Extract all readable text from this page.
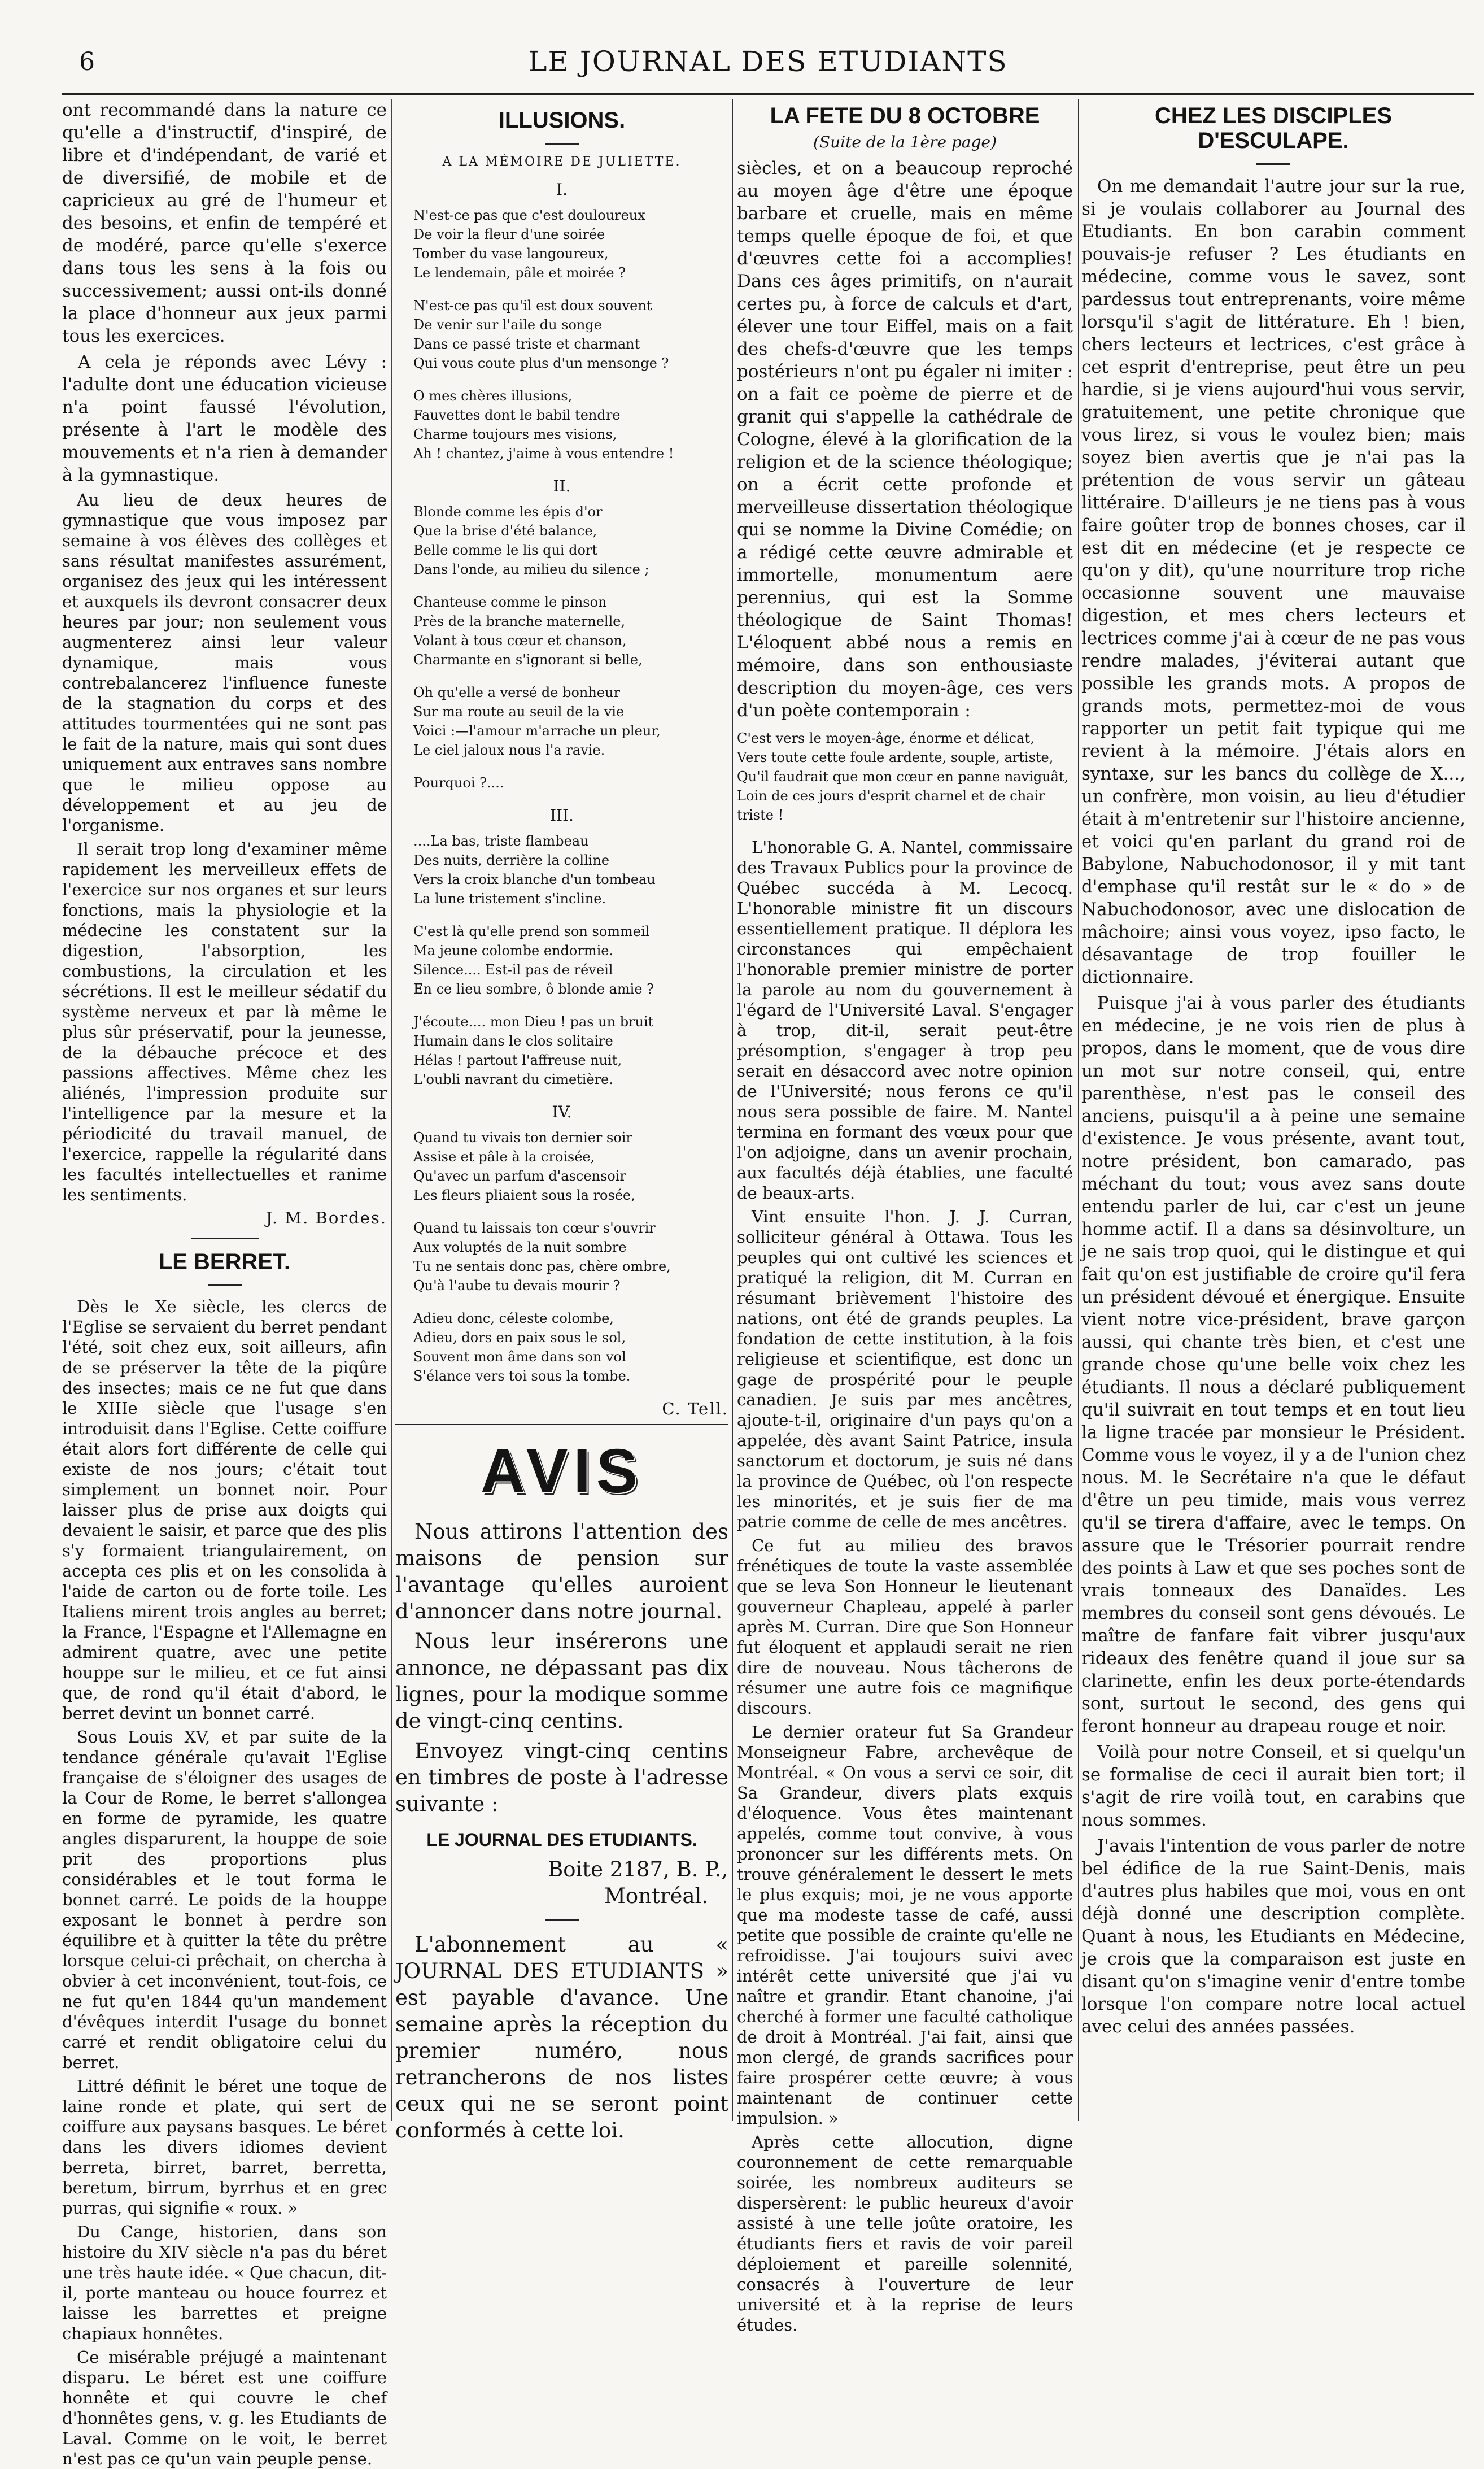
6	LE JOURNAL DES ETUDIANTS

ont recommandé dans la nature ce qu'elle a d'instructif, d'inspiré, de libre et d'indépendant, de varié et de diversifié, de mobile et de capricieux au gré de l'humeur et des besoins, et enfin de tempéré et de modéré, parce qu'elle s'exerce dans tous les sens à la fois ou successivement; aussi ont-ils donné la place d'honneur aux jeux parmi tous les exercices.

A cela je réponds avec Lévy : l'adulte dont une éducation vicieuse n'a point faussé l'évolution, présente à l'art le modèle des mouvements et n'a rien à demander à la gymnastique.

Au lieu de deux heures de gymnastique que vous imposez par semaine à vos élèves des collèges et sans résultat manifestes assurément, organisez des jeux qui les intéressent et auxquels ils devront consacrer deux heures par jour; non seulement vous augmenterez ainsi leur valeur dynamique, mais vous contrebalancerez l'influence funeste de la stagnation du corps et des attitudes tourmentées qui ne sont pas le fait de la nature, mais qui sont dues uniquement aux entraves sans nombre que le milieu oppose au développement et au jeu de l'organisme.

Il serait trop long d'examiner même rapidement les merveilleux effets de l'exercice sur nos organes et sur leurs fonctions, mais la physiologie et la médecine les constatent sur la digestion, l'absorption, les combustions, la circulation et les sécrétions. Il est le meilleur sédatif du système nerveux et par là même le plus sûr préservatif, pour la jeunesse, de la débauche précoce et des passions affectives. Même chez les aliénés, l'impression produite sur l'intelligence par la mesure et la périodicité du travail manuel, de l'exercice, rappelle la régularité dans les facultés intellectuelles et ranime les sentiments.

J. M. Bordes.
LE BERRET.

Dès le Xe siècle, les clercs de l'Eglise se servaient du berret pendant l'été, soit chez eux, soit ailleurs, afin de se préserver la tête de la piqûre des insectes; mais ce ne fut que dans le XIIIe siècle que l'usage s'en introduisit dans l'Eglise. Cette coiffure était alors fort différente de celle qui existe de nos jours; c'était tout simplement un bonnet noir. Pour laisser plus de prise aux doigts qui devaient le saisir, et parce que des plis s'y formaient triangulairement, on accepta ces plis et on les consolida à l'aide de carton ou de forte toile. Les Italiens mirent trois angles au berret; la France, l'Espagne et l'Allemagne en admirent quatre, avec une petite houppe sur le milieu, et ce fut ainsi que, de rond qu'il était d'abord, le berret devint un bonnet carré.

Sous Louis XV, et par suite de la tendance générale qu'avait l'Eglise française de s'éloigner des usages de la Cour de Rome, le berret s'allongea en forme de pyramide, les quatre angles disparurent, la houppe de soie prit des proportions plus considérables et le tout forma le bonnet carré. Le poids de la houppe exposant le bonnet à perdre son équilibre et à quitter la tête du prêtre lorsque celui-ci prêchait, on chercha à obvier à cet inconvénient, tout-fois, ce ne fut qu'en 1844 qu'un mandement d'évêques interdit l'usage du bonnet carré et rendit obligatoire celui du berret.

Littré définit le béret une toque de laine ronde et plate, qui sert de coiffure aux paysans basques. Le béret dans les divers idiomes devient berreta, birret, barret, berretta, beretum, birrum, byrrhus et en grec purras, qui signifie « roux. »

Du Cange, historien, dans son histoire du XIV siècle n'a pas du béret une très haute idée. « Que chacun, dit-il, porte manteau ou houce fourrez et laisse les barrettes et preigne chapiaux honnêtes.

Ce misérable préjugé a maintenant disparu. Le béret est une coiffure honnête et qui couvre le chef d'honnêtes gens, v. g. les Etudiants de Laval. Comme on le voit, le berret n'est pas ce qu'un vain peuple pense.

ILLUSIONS.
A LA MÉMOIRE DE JULIETTE.
I.
N'est-ce pas que c'est douloureux
De voir la fleur d'une soirée
Tomber du vase langoureux,
Le lendemain, pâle et moirée ?
N'est-ce pas qu'il est doux souvent
De venir sur l'aile du songe
Dans ce passé triste et charmant
Qui vous coute plus d'un mensonge ?
O mes chères illusions,
Fauvettes dont le babil tendre
Charme toujours mes visions,
Ah ! chantez, j'aime à vous entendre !
II.
Blonde comme les épis d'or
Que la brise d'été balance,
Belle comme le lis qui dort
Dans l'onde, au milieu du silence ;
Chanteuse comme le pinson
Près de la branche maternelle,
Volant à tous cœur et chanson,
Charmante en s'ignorant si belle,
Oh qu'elle a versé de bonheur
Sur ma route au seuil de la vie
Voici :—l'amour m'arrache un pleur,
Le ciel jaloux nous l'a ravie.
Pourquoi ?....
III.
....La bas, triste flambeau
Des nuits, derrière la colline
Vers la croix blanche d'un tombeau
La lune tristement s'incline.
C'est là qu'elle prend son sommeil
Ma jeune colombe endormie.
Silence.... Est-il pas de réveil
En ce lieu sombre, ô blonde amie ?
J'écoute.... mon Dieu ! pas un bruit
Humain dans le clos solitaire
Hélas ! partout l'affreuse nuit,
L'oubli navrant du cimetière.
IV.
Quand tu vivais ton dernier soir
Assise et pâle à la croisée,
Qu'avec un parfum d'ascensoir
Les fleurs pliaient sous la rosée,
Quand tu laissais ton cœur s'ouvrir
Aux voluptés de la nuit sombre
Tu ne sentais donc pas, chère ombre,
Qu'à l'aube tu devais mourir ?
Adieu donc, céleste colombe,
Adieu, dors en paix sous le sol,
Souvent mon âme dans son vol
S'élance vers toi sous la tombe.
C. Tell.
AVIS

Nous attirons l'attention des maisons de pension sur l'avantage qu'elles auroient d'annoncer dans notre journal.

Nous leur insérerons une annonce, ne dépassant pas dix lignes, pour la modique somme de vingt-cinq centins.

Envoyez vingt-cinq centins en timbres de poste à l'adresse suivante :

LE JOURNAL DES ETUDIANTS.
Boite 2187, B. P.,
Montréal.

L'abonnement au « JOURNAL DES ETUDIANTS » est payable d'avance. Une semaine après la réception du premier numéro, nous retrancherons de nos listes ceux qui ne se seront point conformés à cette loi.

LA FETE DU 8 OCTOBRE
(Suite de la 1ère page)

siècles, et on a beaucoup reproché au moyen âge d'être une époque barbare et cruelle, mais en même temps quelle époque de foi, et que d'œuvres cette foi a accomplies! Dans ces âges primitifs, on n'aurait certes pu, à force de calculs et d'art, élever une tour Eiffel, mais on a fait des chefs-d'œuvre que les temps postérieurs n'ont pu égaler ni imiter : on a fait ce poème de pierre et de granit qui s'appelle la cathédrale de Cologne, élevé à la glorification de la religion et de la science théologique; on a écrit cette profonde et merveilleuse dissertation théologique qui se nomme la Divine Comédie; on a rédigé cette œuvre admirable et immortelle, monumentum aere perennius, qui est la Somme théologique de Saint Thomas! L'éloquent abbé nous a remis en mémoire, dans son enthousiaste description du moyen-âge, ces vers d'un poète contemporain :

C'est vers le moyen-âge, énorme et délicat,
Vers toute cette foule ardente, souple, artiste,
Qu'il faudrait que mon cœur en panne naviguât,
Loin de ces jours d'esprit charnel et de chair triste !

L'honorable G. A. Nantel, commissaire des Travaux Publics pour la province de Québec succéda à M. Lecocq. L'honorable ministre fit un discours essentiellement pratique. Il déplora les circonstances qui empêchaient l'honorable premier ministre de porter la parole au nom du gouvernement à l'égard de l'Université Laval. S'engager à trop, dit-il, serait peut-être présomption, s'engager à trop peu serait en désaccord avec notre opinion de l'Université; nous ferons ce qu'il nous sera possible de faire. M. Nantel termina en formant des vœux pour que l'on adjoigne, dans un avenir prochain, aux facultés déjà établies, une faculté de beaux-arts.

Vint ensuite l'hon. J. J. Curran, solliciteur général à Ottawa. Tous les peuples qui ont cultivé les sciences et pratiqué la religion, dit M. Curran en résumant brièvement l'histoire des nations, ont été de grands peuples. La fondation de cette institution, à la fois religieuse et scientifique, est donc un gage de prospérité pour le peuple canadien. Je suis par mes ancêtres, ajoute-t-il, originaire d'un pays qu'on a appelée, dès avant Saint Patrice, insula sanctorum et doctorum, je suis né dans la province de Québec, où l'on respecte les minorités, et je suis fier de ma patrie comme de celle de mes ancêtres.

Ce fut au milieu des bravos frénétiques de toute la vaste assemblée que se leva Son Honneur le lieutenant gouverneur Chapleau, appelé à parler après M. Curran. Dire que Son Honneur fut éloquent et applaudi serait ne rien dire de nouveau. Nous tâcherons de résumer une autre fois ce magnifique discours.

Le dernier orateur fut Sa Grandeur Monseigneur Fabre, archevêque de Montréal. « On vous a servi ce soir, dit Sa Grandeur, divers plats exquis d'éloquence. Vous êtes maintenant appelés, comme tout convive, à vous prononcer sur les différents mets. On trouve généralement le dessert le mets le plus exquis; moi, je ne vous apporte que ma modeste tasse de café, aussi petite que possible de crainte qu'elle ne refroidisse. J'ai toujours suivi avec intérêt cette université que j'ai vu naître et grandir. Etant chanoine, j'ai cherché à former une faculté catholique de droit à Montréal. J'ai fait, ainsi que mon clergé, de grands sacrifices pour faire prospérer cette œuvre; à vous maintenant de continuer cette impulsion. »

Après cette allocution, digne couronnement de cette remarquable soirée, les nombreux auditeurs se dispersèrent: le public heureux d'avoir assisté à une telle joûte oratoire, les étudiants fiers et ravis de voir pareil déploiement et pareille solennité, consacrés à l'ouverture de leur université et à la reprise de leurs études.

CHEZ LES DISCIPLES D'ESCULAPE.

On me demandait l'autre jour sur la rue, si je voulais collaborer au Journal des Etudiants. En bon carabin comment pouvais-je refuser ? Les étudiants en médecine, comme vous le savez, sont pardessus tout entreprenants, voire même lorsqu'il s'agit de littérature. Eh ! bien, chers lecteurs et lectrices, c'est grâce à cet esprit d'entreprise, peut être un peu hardie, si je viens aujourd'hui vous servir, gratuitement, une petite chronique que vous lirez, si vous le voulez bien; mais soyez bien avertis que je n'ai pas la prétention de vous servir un gâteau littéraire. D'ailleurs je ne tiens pas à vous faire goûter trop de bonnes choses, car il est dit en médecine (et je respecte ce qu'on y dit), qu'une nourriture trop riche occasionne souvent une mauvaise digestion, et mes chers lecteurs et lectrices comme j'ai à cœur de ne pas vous rendre malades, j'éviterai autant que possible les grands mots. A propos de grands mots, permettez-moi de vous rapporter un petit fait typique qui me revient à la mémoire. J'étais alors en syntaxe, sur les bancs du collège de X..., un confrère, mon voisin, au lieu d'étudier était à m'entretenir sur l'histoire ancienne, et voici qu'en parlant du grand roi de Babylone, Nabuchodonosor, il y mit tant d'emphase qu'il restât sur le « do » de Nabuchodonosor, avec une dislocation de mâchoire; ainsi vous voyez, ipso facto, le désavantage de trop fouiller le dictionnaire.

Puisque j'ai à vous parler des étudiants en médecine, je ne vois rien de plus à propos, dans le moment, que de vous dire un mot sur notre conseil, qui, entre parenthèse, n'est pas le conseil des anciens, puisqu'il a à peine une semaine d'existence. Je vous présente, avant tout, notre président, bon camarado, pas méchant du tout; vous avez sans doute entendu parler de lui, car c'est un jeune homme actif. Il a dans sa désinvolture, un je ne sais trop quoi, qui le distingue et qui fait qu'on est justifiable de croire qu'il fera un président dévoué et énergique. Ensuite vient notre vice-président, brave garçon aussi, qui chante très bien, et c'est une grande chose qu'une belle voix chez les étudiants. Il nous a déclaré publiquement qu'il suivrait en tout temps et en tout lieu la ligne tracée par monsieur le Président. Comme vous le voyez, il y a de l'union chez nous. M. le Secrétaire n'a que le défaut d'être un peu timide, mais vous verrez qu'il se tirera d'affaire, avec le temps. On assure que le Trésorier pourrait rendre des points à Law et que ses poches sont de vrais tonneaux des Danaïdes. Les membres du conseil sont gens dévoués. Le maître de fanfare fait vibrer jusqu'aux rideaux des fenêtre quand il joue sur sa clarinette, enfin les deux porte-étendards sont, surtout le second, des gens qui feront honneur au drapeau rouge et noir.

Voilà pour notre Conseil, et si quelqu'un se formalise de ceci il aurait bien tort; il s'agit de rire voilà tout, en carabins que nous sommes.

J'avais l'intention de vous parler de notre bel édifice de la rue Saint-Denis, mais d'autres plus habiles que moi, vous en ont déjà donné une description complète. Quant à nous, les Etudiants en Médecine, je crois que la comparaison est juste en disant qu'on s'imagine venir d'entre tombe lorsque l'on compare notre local actuel avec celui des années passées.
